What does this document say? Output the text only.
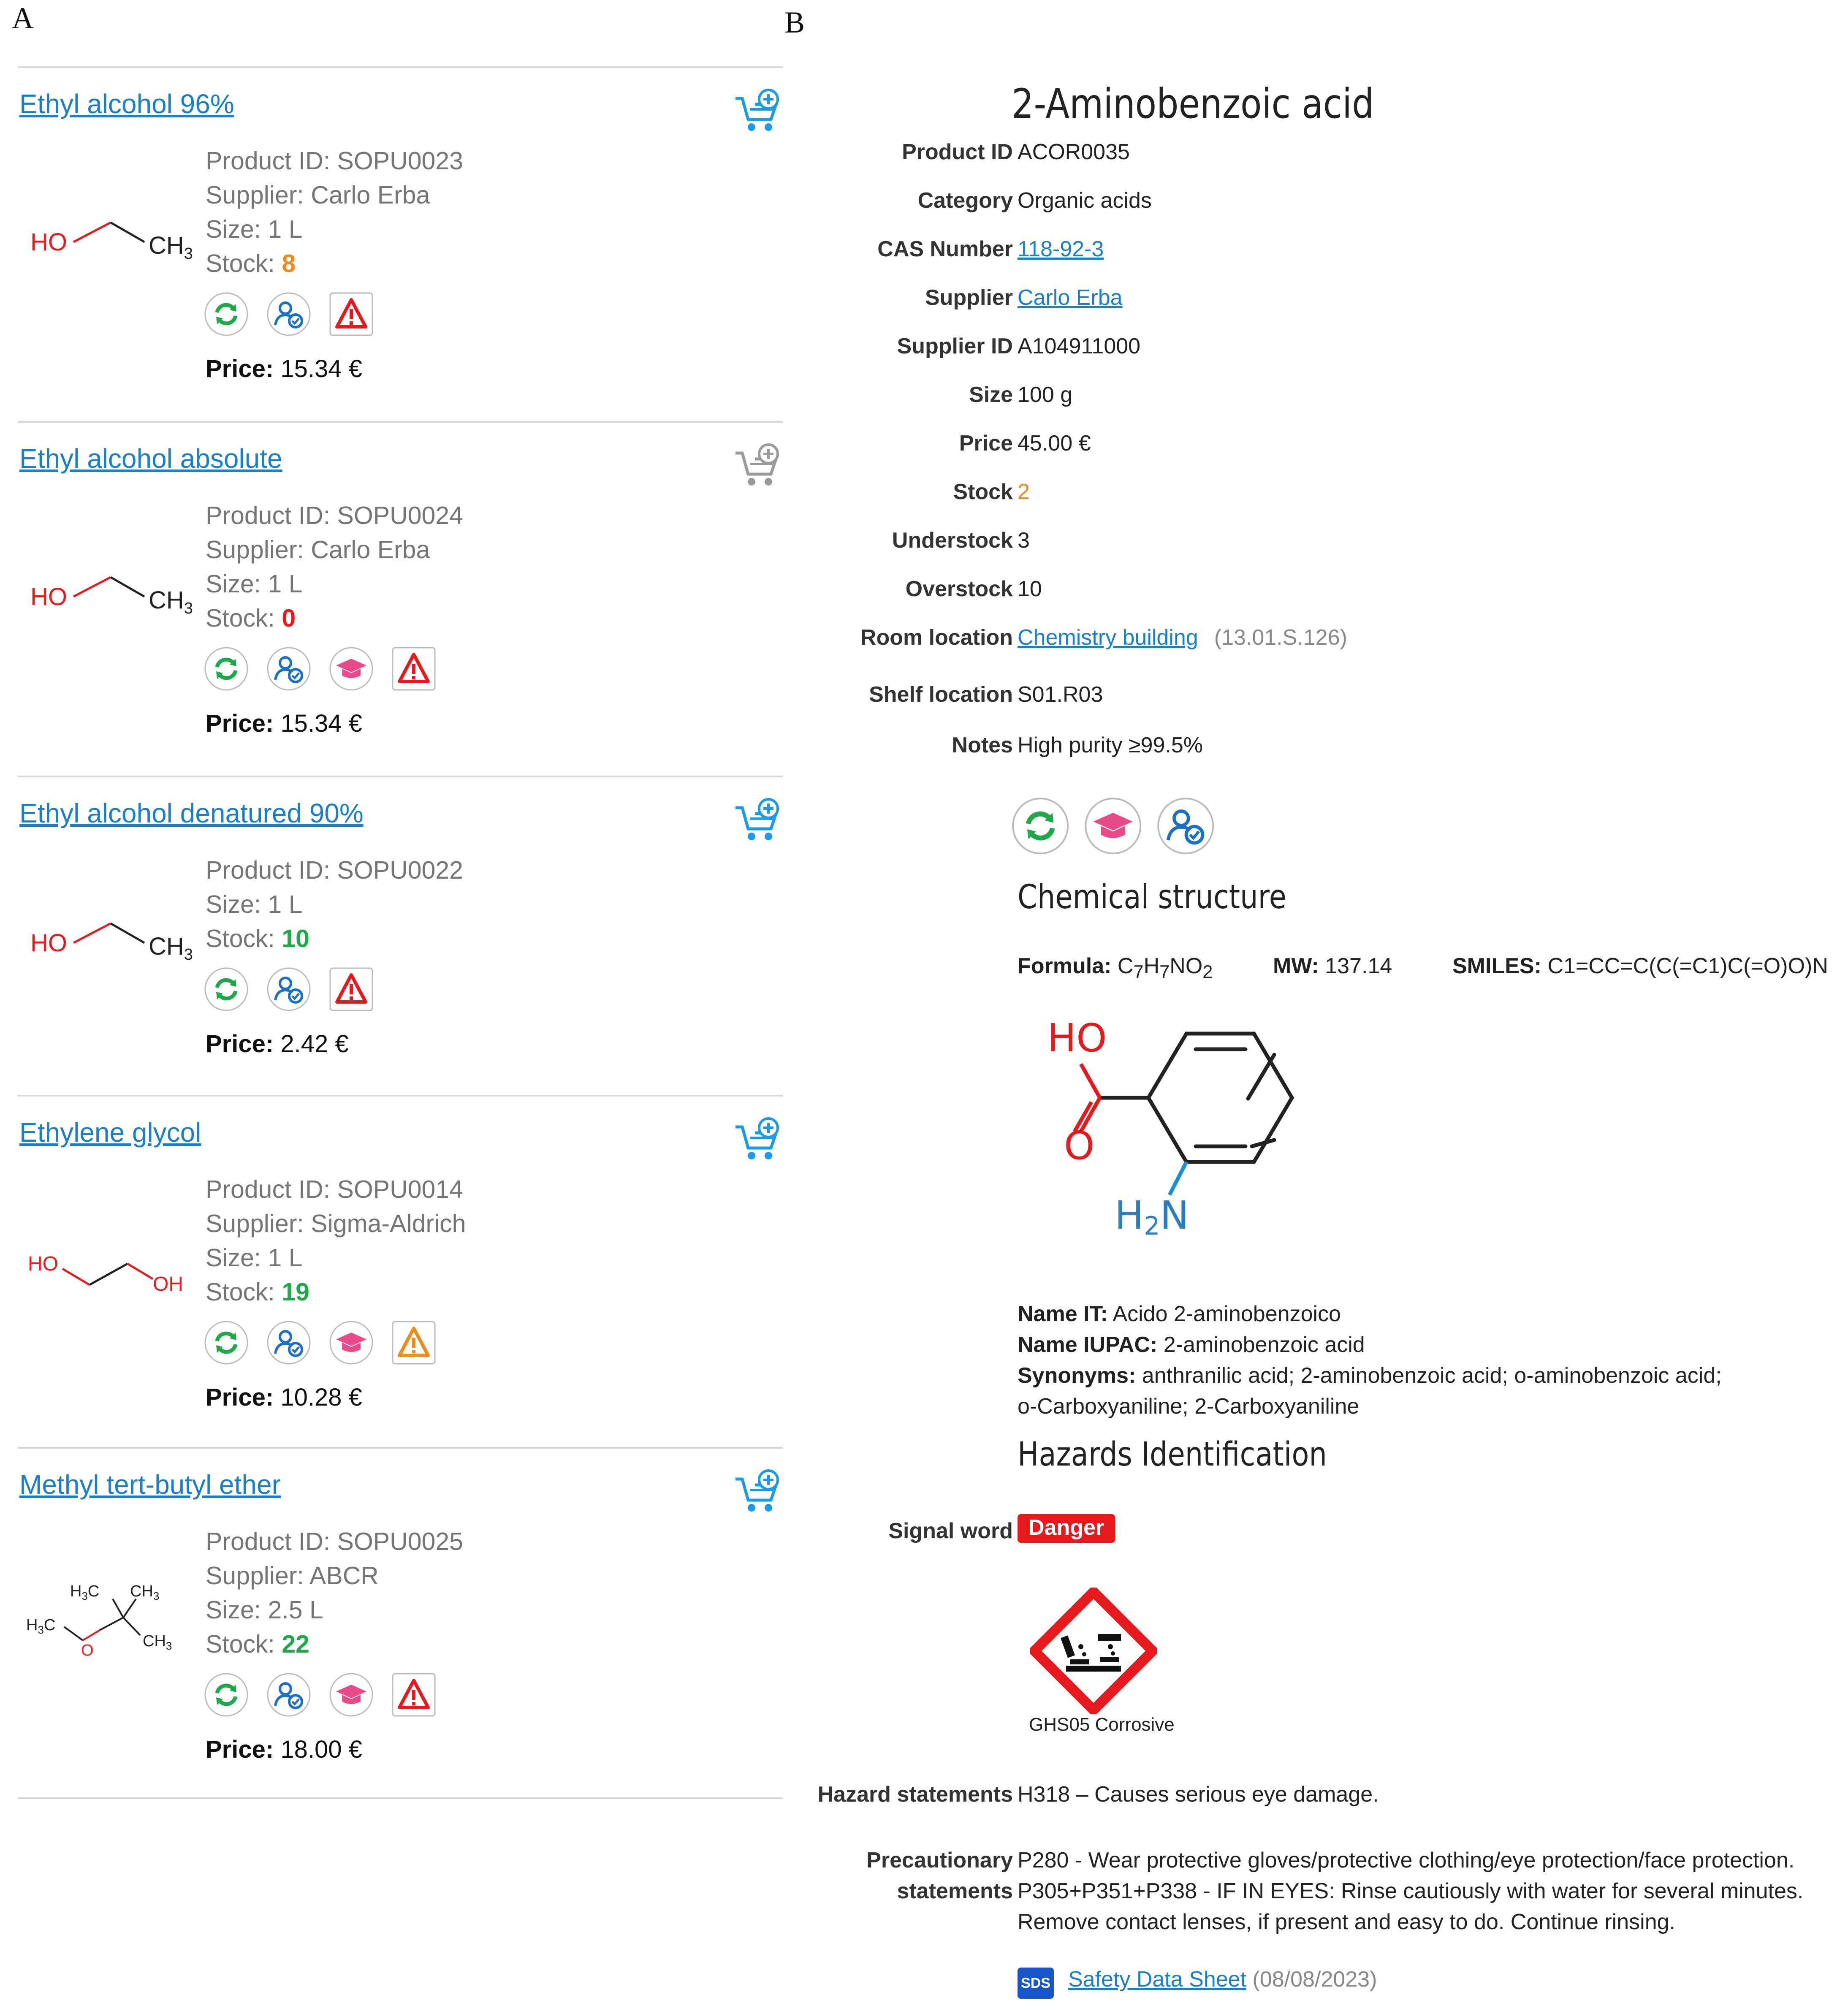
A	B
Ethyl alcohol 96%
HO	$CH_3$
Product ID: SOPU0023
Supplier: Carlo Erba
Size: 1 L
Stock: 8
Price: 15.34 €
Ethyl alcohol absolute
HO	$CH_3$
Product ID: SOPU0024
Supplier: Carlo Erba
Size: 1 L
Stock: 0
Price: 15.34 €
Ethyl alcohol denatured 90%
HO	$CH_3$
Product ID: SOPU0022
Size: 1 L
Stock: 10
Price: 2.42 €
Ethylene glycol
HO
OH
Product ID: SOPU0014
Supplier: Sigma-Aldrich
Size: 1 L
Stock: 19
Price: 10.28 €
Methyl tert-butyl ether
$H_3C$
O
$H_3C$ $CH_3$
$CH_3$
Product ID: SOPU0025
Supplier: ABCR
Size: 2.5 L
Stock: 22
Price: 18.00 €
2-Aminobenzoic acid
Product ID ACOR0035
Category Organic acids
CAS Number 118-92-3
Supplier Carlo Erba
Supplier ID A104911000
Size 100 g
Price 45.00 €
Stock 2
Understock 3
Overstock 10
Room location Chemistry building (13.01.S.126)
Shelf location S01.R03
Notes High purity ≥99.5%
Chemical structure
Formula: $C_7H_7NO_2$	MW: 137.14	SMILES: C1=CC=C(C(=C1)C(=O)O)N
HO
O
H2N
Name IT: Acido 2-aminobenzoico
Name IUPAC: 2-aminobenzoic acid
Synonyms: anthranilic acid; 2-aminobenzoic acid; o-aminobenzoic acid;
o-Carboxyaniline; 2-Carboxyaniline
Hazards Identification
Signal word Danger
GHS05 Corrosive
Hazard statements H318 – Causes serious eye damage.
Precautionary
statements
P280 - Wear protective gloves/protective clothing/eye protection/face protection.
P305+P351+P338 - IF IN EYES: Rinse cautiously with water for several minutes.
Remove contact lenses, if present and easy to do. Continue rinsing.
SDS Safety Data Sheet (08/08/2023)
